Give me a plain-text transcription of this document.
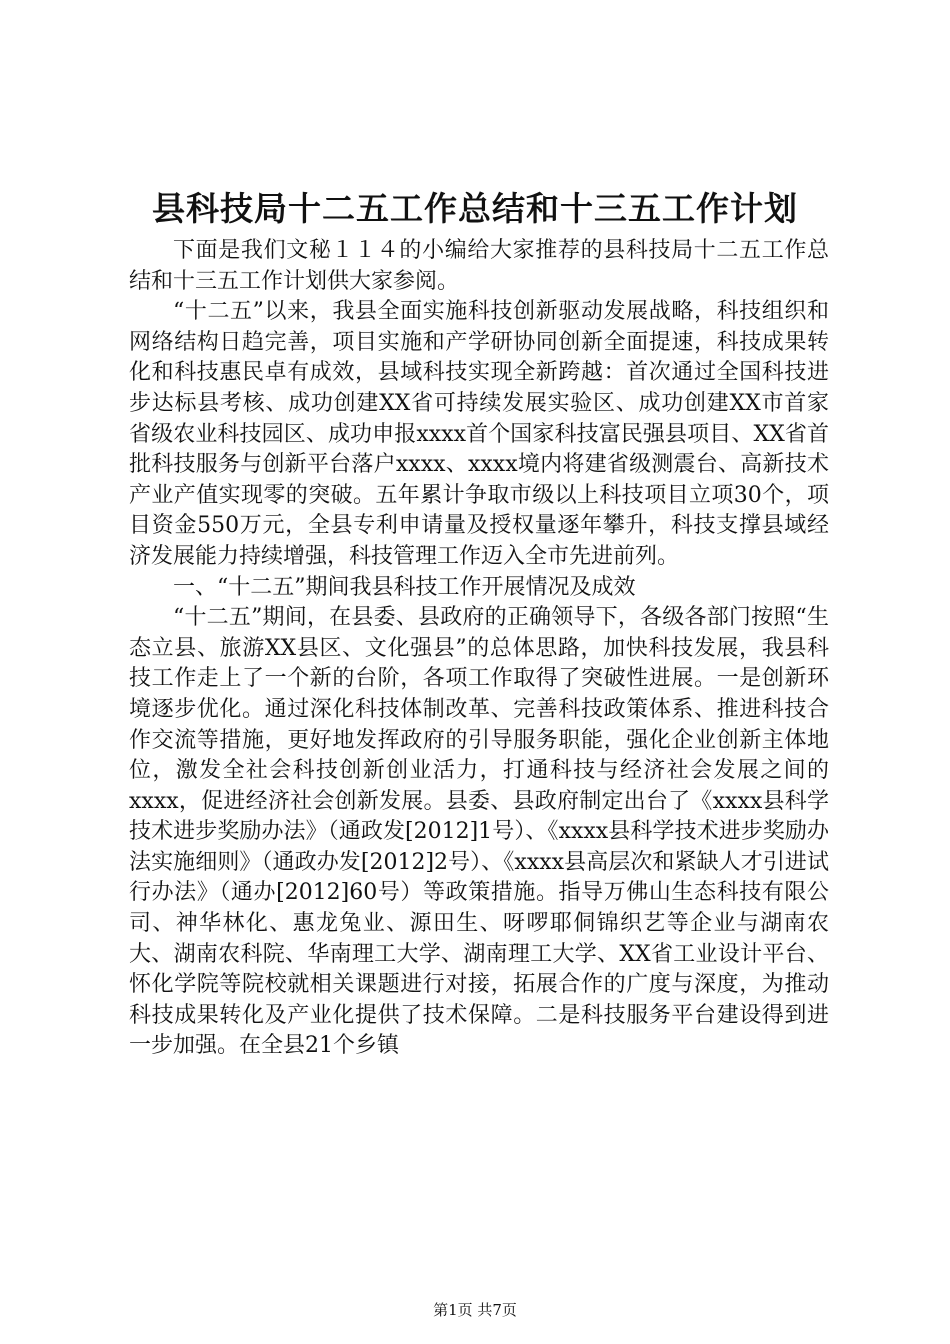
县科技局十二五工作总结和十三五工作计划

下面是我们文秘１１４的小编给大家推荐的县科技局十二五工作总结和十三五工作计划供大家参阅。

“十二五”以来，我县全面实施科技创新驱动发展战略，科技组织和网络结构日趋完善，项目实施和产学研协同创新全面提速，科技成果转化和科技惠民卓有成效，县域科技实现全新跨越：首次通过全国科技进步达标县考核、成功创建XX省可持续发展实验区、成功创建XX市首家省级农业科技园区、成功申报xxxx首个国家科技富民强县项目、XX省首批科技服务与创新平台落户xxxx、xxxx境内将建省级测震台、高新技术产业产值实现零的突破。五年累计争取市级以上科技项目立项30个，项目资金550万元，全县专利申请量及授权量逐年攀升，科技支撑县域经济发展能力持续增强，科技管理工作迈入全市先进前列。

一、“十二五”期间我县科技工作开展情况及成效

“十二五”期间，在县委、县政府的正确领导下，各级各部门按照“生态立县、旅游XX县区、文化强县”的总体思路，加快科技发展，我县科技工作走上了一个新的台阶，各项工作取得了突破性进展。一是创新环境逐步优化。通过深化科技体制改革、完善科技政策体系、推进科技合作交流等措施，更好地发挥政府的引导服务职能，强化企业创新主体地位，激发全社会科技创新创业活力，打通科技与经济社会发展之间的xxxx，促进经济社会创新发展。县委、县政府制定出台了《xxxx县科学技术进步奖励办法》（通政发[2012]1号）、《xxxx县科学技术进步奖励办法实施细则》（通政办发[2012]2号）、《xxxx县高层次和紧缺人才引进试行办法》（通办[2012]60号）等政策措施。指导万佛山生态科技有限公司、神华林化、惠龙兔业、源田生、呀啰耶侗锦织艺等企业与湖南农大、湖南农科院、华南理工大学、湖南理工大学、XX省工业设计平台、怀化学院等院校就相关课题进行对接，拓展合作的广度与深度，为推动科技成果转化及产业化提供了技术保障。二是科技服务平台建设得到进一步加强。在全县21个乡镇

第1页 共7页
